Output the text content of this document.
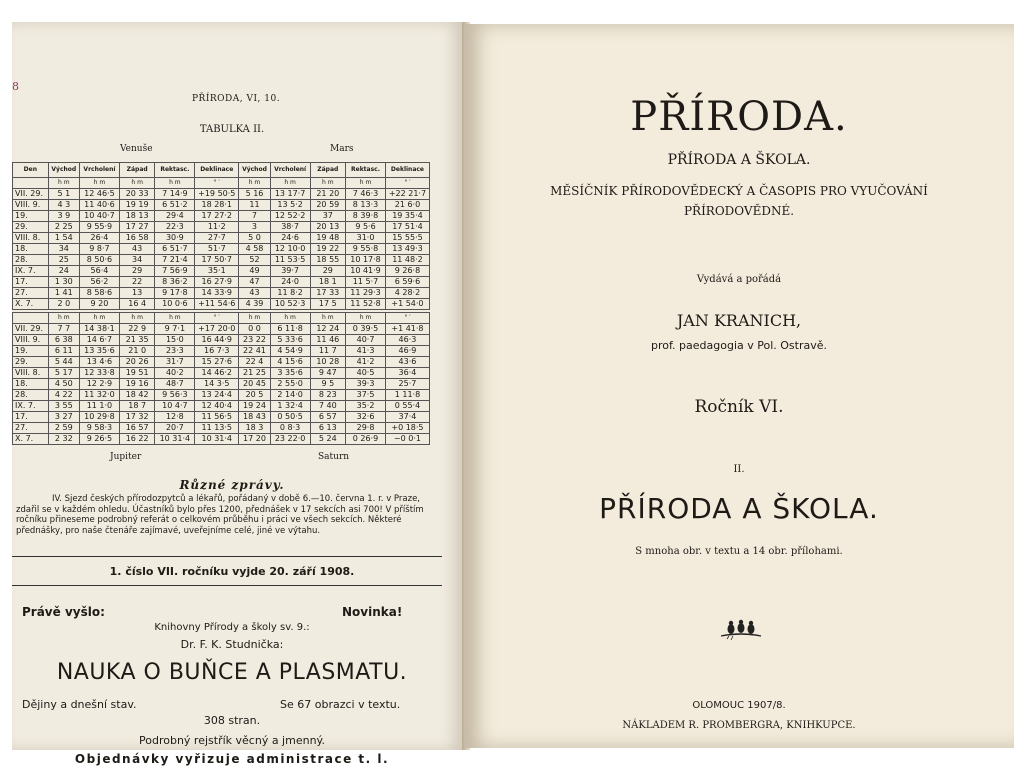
8
PŘÍRODA, VI, 10.
TABULKA II.
Venuše	Mars
Den	Východ	Vrcholení	Západ	Rektasc.	Deklinace	Východ	Vrcholení	Západ	Rektasc.	Deklinace
	h m	h m	h m	h m	° ′	h m	h m	h m	h m	° ′
VII. 29.	5 1	12 46·5	20 33	7 14·9	+19 50·5	5 16	13 17·7	21 20	7 46·3	+22 21·7
VIII. 9.	4 3	11 40·6	19 19	6 51·2	18 28·1	11	13 5·2	20 59	8 13·3	21 6·0
19.	3 9	10 40·7	18 13	29·4	17 27·2	7	12 52·2	37	8 39·8	19 35·4
29.	2 25	9 55·9	17 27	22·3	11·2	3	38·7	20 13	9 5·6	17 51·4
VIII. 8.	1 54	26·4	16 58	30·9	27·7	5 0	24·6	19 48	31·0	15 55·5
18.	34	9 8·7	43	6 51·7	51·7	4 58	12 10·0	19 22	9 55·8	13 49·3
28.	25	8 50·6	34	7 21·4	17 50·7	52	11 53·5	18 55	10 17·8	11 48·2
IX. 7.	24	56·4	29	7 56·9	35·1	49	39·7	29	10 41·9	9 26·8
17.	1 30	56·2	22	8 36·2	16 27·9	47	24·0	18 1	11 5·7	6 59·6
27.	1 41	8 58·6	13	9 17·8	14 33·9	43	11 8·2	17 33	11 29·3	4 28·2
X. 7.	2 0	9 20	16 4	10 0·6	+11 54·6	4 39	10 52·3	17 5	11 52·8	+1 54·0
	h m	h m	h m	h m	° ′	h m	h m	h m	h m	° ′
VII. 29.	7 7	14 38·1	22 9	9 7·1	+17 20·0	0 0	6 11·8	12 24	0 39·5	+1 41·8
VIII. 9.	6 38	14 6·7	21 35	15·0	16 44·9	23 22	5 33·6	11 46	40·7	46·3
19.	6 11	13 35·6	21 0	23·3	16 7·3	22 41	4 54·9	11 7	41·3	46·9
29.	5 44	13 4·6	20 26	31·7	15 27·6	22 4	4 15·6	10 28	41·2	43·6
VIII. 8.	5 17	12 33·8	19 51	40·2	14 46·2	21 25	3 35·6	9 47	40·5	36·4
18.	4 50	12 2·9	19 16	48·7	14 3·5	20 45	2 55·0	9 5	39·3	25·7
28.	4 22	11 32·0	18 42	9 56·3	13 24·4	20 5	2 14·0	8 23	37·5	1 11·8
IX. 7.	3 55	11 1·0	18 7	10 4·7	12 40·4	19 24	1 32·4	7 40	35·2	0 55·4
17.	3 27	10 29·8	17 32	12·8	11 56·5	18 43	0 50·5	6 57	32·6	37·4
27.	2 59	9 58·3	16 57	20·7	11 13·5	18 3	0 8·3	6 13	29·8	+0 18·5
X. 7.	2 32	9 26·5	16 22	10 31·4	10 31·4	17 20	23 22·0	5 24	0 26·9	−0 0·1
Jupiter	Saturn
Různé zprávy.
IV. Sjezd českých přírodozpytců a lékařů, pořádaný v době 6.—10. června 1. r. v Praze, zdařil se v každém ohledu. Účastníků bylo přes 1200, přednášek v 17 sekcích asi 700! V příštím ročníku přineseme podrobný referát o celkovém průběhu i práci ve všech sekcích. Některé přednášky, pro naše čtenáře zajímavé, uveřejníme celé, jiné ve výtahu.
1. číslo VII. ročníku vyjde 20. září 1908.
Právě vyšlo:	Novinka!
Knihovny Přírody a školy sv. 9.:
Dr. F. K. Studnička:
NAUKA O BUŇCE A PLASMATU.
Dějiny a dnešní stav.	Se 67 obrazci v textu.
308 stran.
Podrobný rejstřík věcný a jmenný.
Objednávky vyřizuje administrace t. l.
PŘÍRODA.
PŘÍRODA A ŠKOLA.
MĚSÍČNÍK PŘÍRODOVĚDECKÝ A ČASOPIS PRO VYUČOVÁNÍ
PŘÍRODOVĚDNÉ.
Vydává a pořádá
JAN KRANICH,
prof. paedagogia v Pol. Ostravě.
Ročník VI.
II.
PŘÍRODA A ŠKOLA.
S mnoha obr. v textu a 14 obr. přílohami.
OLOMOUC 1907/8.
NÁKLADEM R. PROMBERGRA, KNIHKUPCE.
